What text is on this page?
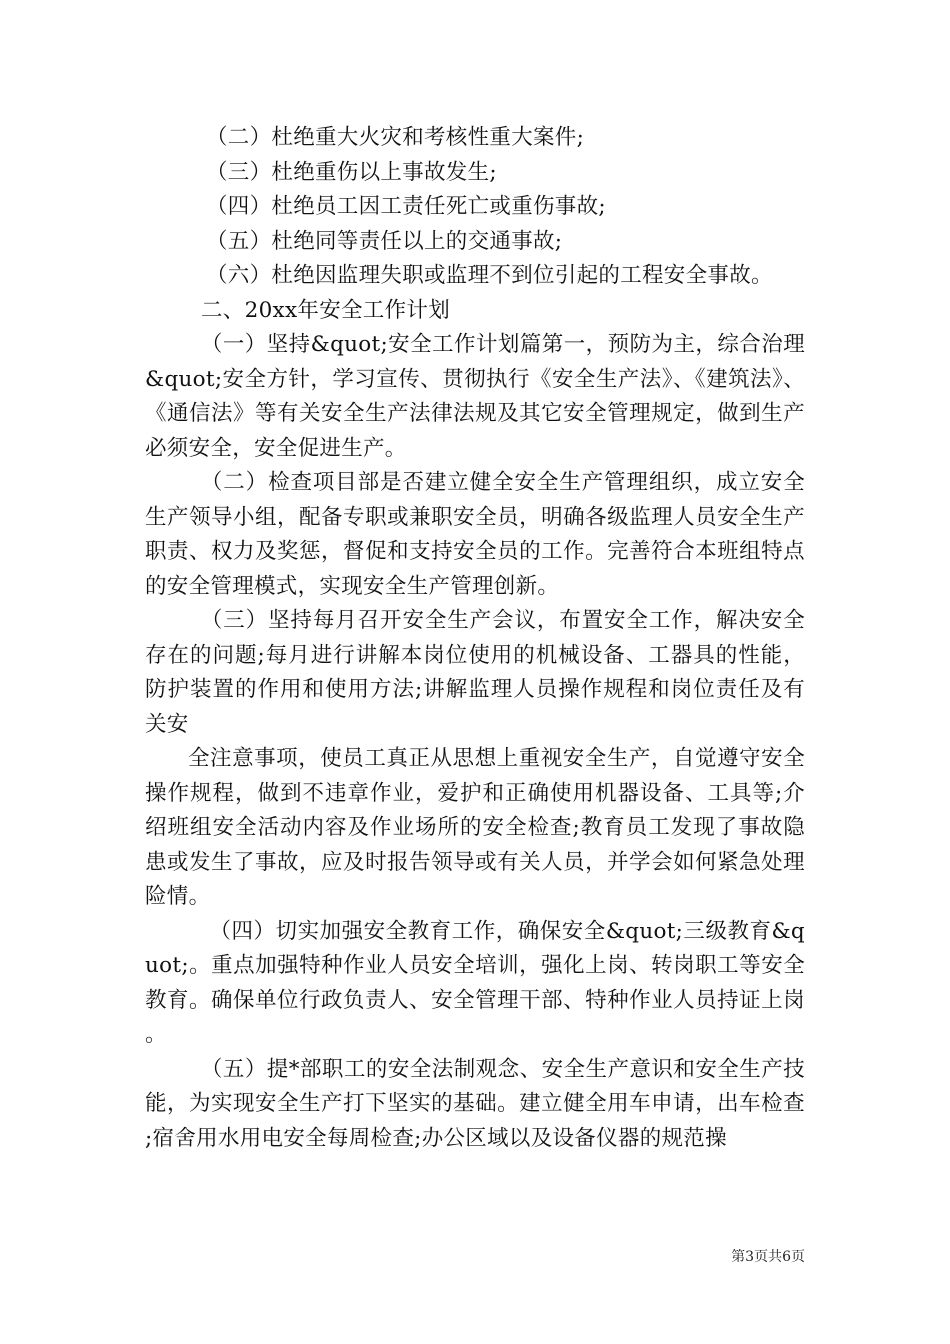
（二）杜绝重大火灾和考核性重大案件;

（三）杜绝重伤以上事故发生;

（四）杜绝员工因工责任死亡或重伤事故;

（五）杜绝同等责任以上的交通事故;

（六）杜绝因监理失职或监理不到位引起的工程安全事故。

二、20xx年安全工作计划

（一）坚持&quot;安全工作计划篇第一，预防为主，综合治理&quot;安全方针，学习宣传、贯彻执行《安全生产法》、《建筑法》、《通信法》等有关安全生产法律法规及其它安全管理规定，做到生产必须安全，安全促进生产。

（二）检查项目部是否建立健全安全生产管理组织，成立安全生产领导小组，配备专职或兼职安全员，明确各级监理人员安全生产职责、权力及奖惩，督促和支持安全员的工作。完善符合本班组特点的安全管理模式，实现安全生产管理创新。

（三）坚持每月召开安全生产会议，布置安全工作，解决安全存在的问题;每月进行讲解本岗位使用的机械设备、工器具的性能，防护装置的作用和使用方法;讲解监理人员操作规程和岗位责任及有关安

全注意事项，使员工真正从思想上重视安全生产，自觉遵守安全操作规程，做到不违章作业，爱护和正确使用机器设备、工具等;介绍班组安全活动内容及作业场所的安全检查;教育员工发现了事故隐患或发生了事故，应及时报告领导或有关人员，并学会如何紧急处理险情。

（四）切实加强安全教育工作，确保安全&quot;三级教育&quot;。重点加强特种作业人员安全培训，强化上岗、转岗职工等安全教育。确保单位行政负责人、安全管理干部、特种作业人员持证上岗。

（五）提*部职工的安全法制观念、安全生产意识和安全生产技能，为实现安全生产打下坚实的基础。建立健全用车申请，出车检查;宿舍用水用电安全每周检查;办公区域以及设备仪器的规范操

第3页共6页
